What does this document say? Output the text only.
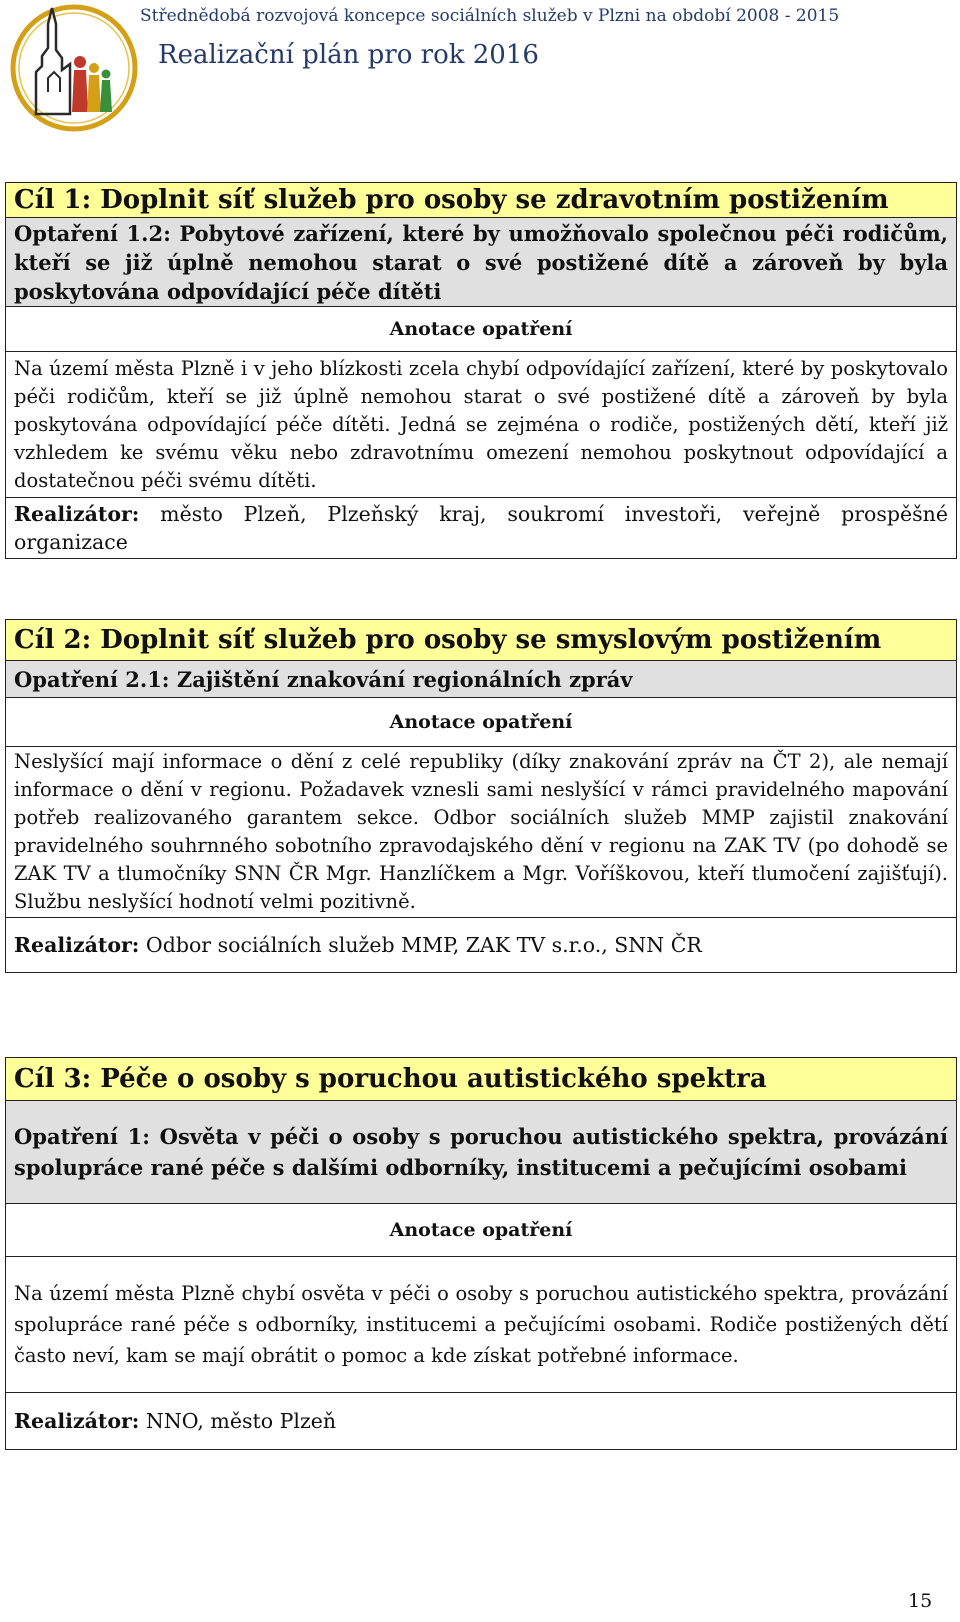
Střednědobá rozvojová koncepce sociálních služeb v Plzni na období 2008 - 2015
Realizační plán pro rok 2016
Cíl 1: Doplnit síť služeb pro osoby se zdravotním postižením
Optaření 1.2: Pobytové zařízení, které by umožňovalo společnou péči rodičům, kteří se již úplně nemohou starat o své postižené dítě a zároveň by byla poskytována odpovídající péče dítěti
Anotace opatření
Na území města Plzně i v jeho blízkosti zcela chybí odpovídající zařízení, které by poskytovalo péči rodičům, kteří se již úplně nemohou starat o své postižené dítě a zároveň by byla poskytována odpovídající péče dítěti. Jedná se zejména o rodiče, postižených dětí, kteří již vzhledem ke svému věku nebo zdravotnímu omezení nemohou poskytnout odpovídající a dostatečnou péči svému dítěti.
Realizátor: město Plzeň, Plzeňský kraj, soukromí investoři, veřejně prospěšné organizace
Cíl 2: Doplnit síť služeb pro osoby se smyslovým postižením
Opatření 2.1: Zajištění znakování regionálních zpráv
Anotace opatření
Neslyšící mají informace o dění z celé republiky (díky znakování zpráv na ČT 2), ale nemají informace o dění v regionu. Požadavek vznesli sami neslyšící v rámci pravidelného mapování potřeb realizovaného garantem sekce. Odbor sociálních služeb MMP zajistil znakování pravidelného souhrnného sobotního zpravodajského dění v regionu na ZAK TV (po dohodě se ZAK TV a tlumočníky SNN ČR Mgr. Hanzlíčkem a Mgr. Voříškovou, kteří tlumočení zajišťují). Službu neslyšící hodnotí velmi pozitivně.
Realizátor: Odbor sociálních služeb MMP, ZAK TV s.r.o., SNN ČR
Cíl 3: Péče o osoby s poruchou autistického spektra
Opatření 1: Osvěta v péči o osoby s poruchou autistického spektra, provázání spolupráce rané péče s dalšími odborníky, institucemi a pečujícími osobami
Anotace opatření
Na území města Plzně chybí osvěta v péči o osoby s poruchou autistického spektra, provázání spolupráce rané péče s odborníky, institucemi a pečujícími osobami. Rodiče postižených dětí často neví, kam se mají obrátit o pomoc a kde získat potřebné informace.
Realizátor: NNO, město Plzeň
15
